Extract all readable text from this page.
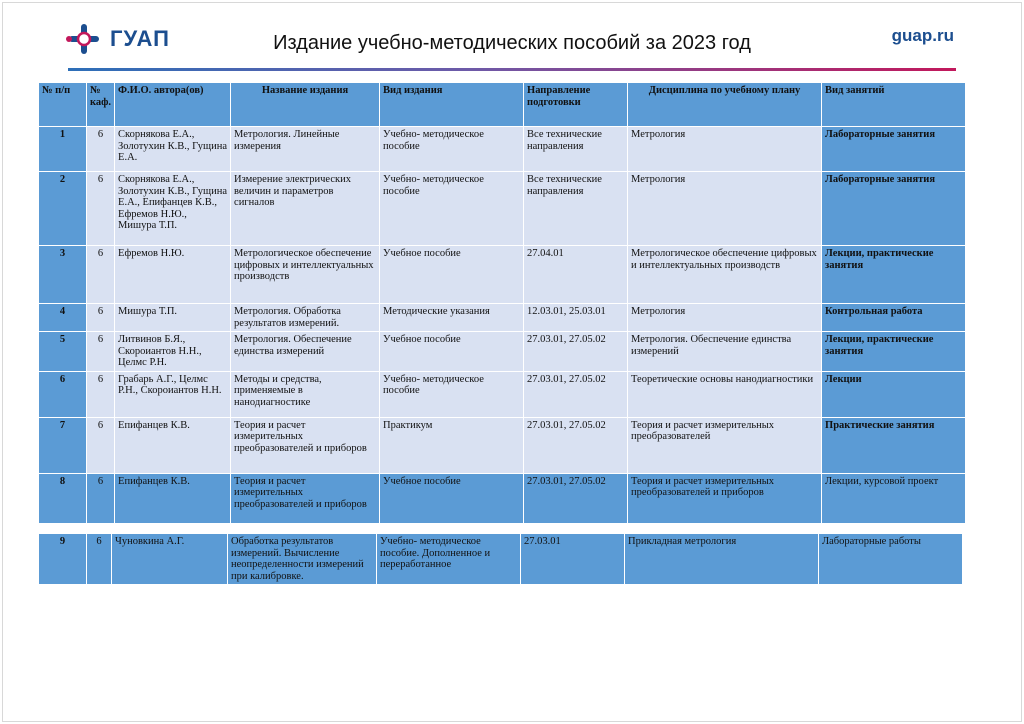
ГУАП	guap.ru
Издание учебно-методических пособий за 2023 год
№ п/п	№ каф.	Ф.И.О. автора(ов)	Название издания	Вид издания	Направление подготовки	Дисциплина по учебному плану	Вид занятий
1	6	Скорнякова Е.А., Золотухин К.В., Гущина Е.А.	Метрология. Линейные измерения	Учебно- методическое пособие	Все технические направления	Метрология	Лабораторные занятия
2	6	Скорнякова Е.А., Золотухин К.В., Гущина Е.А., Епифанцев К.В., Ефремов Н.Ю., Мишура Т.П.	Измерение электрических величин и параметров сигналов	Учебно- методическое пособие	Все технические направления	Метрология	Лабораторные занятия
3	6	Ефремов Н.Ю.	Метрологическое обеспечение цифровых и интеллектуальных производств	Учебное пособие	27.04.01	Метрологическое обеспечение цифровых и интеллектуальных производств	Лекции, практические занятия
4	6	Мишура Т.П.	Метрология. Обработка результатов измерений.	Методические указания	12.03.01, 25.03.01	Метрология	Контрольная работа
5	6	Литвинов Б.Я., Скороиантов Н.Н., Целмс Р.Н.	Метрология. Обеспечение единства измерений	Учебное пособие	27.03.01, 27.05.02	Метрология. Обеспечение единства измерений	Лекции, практические занятия
6	6	Грабарь А.Г., Целмс Р.Н., Скороиантов Н.Н.	Методы и средства, применяемые в нанодиагностике	Учебно- методическое пособие	27.03.01, 27.05.02	Теоретические основы нанодиагностики	Лекции
7	6	Епифанцев К.В.	Теория и расчет измерительных преобразователей и приборов	Практикум	27.03.01, 27.05.02	Теория и расчет измерительных преобразователей	Практические занятия
8	6	Епифанцев К.В.	Теория и расчет измерительных преобразователей и приборов	Учебное пособие	27.03.01, 27.05.02	Теория и расчет измерительных преобразователей и приборов	Лекции, курсовой проект
9	6	Чуновкина А.Г.	Обработка результатов измерений. Вычисление неопределенности измерений при калибровке.	Учебно- методическое пособие. Дополненное и переработанное	27.03.01	Прикладная метрология	Лабораторные работы
